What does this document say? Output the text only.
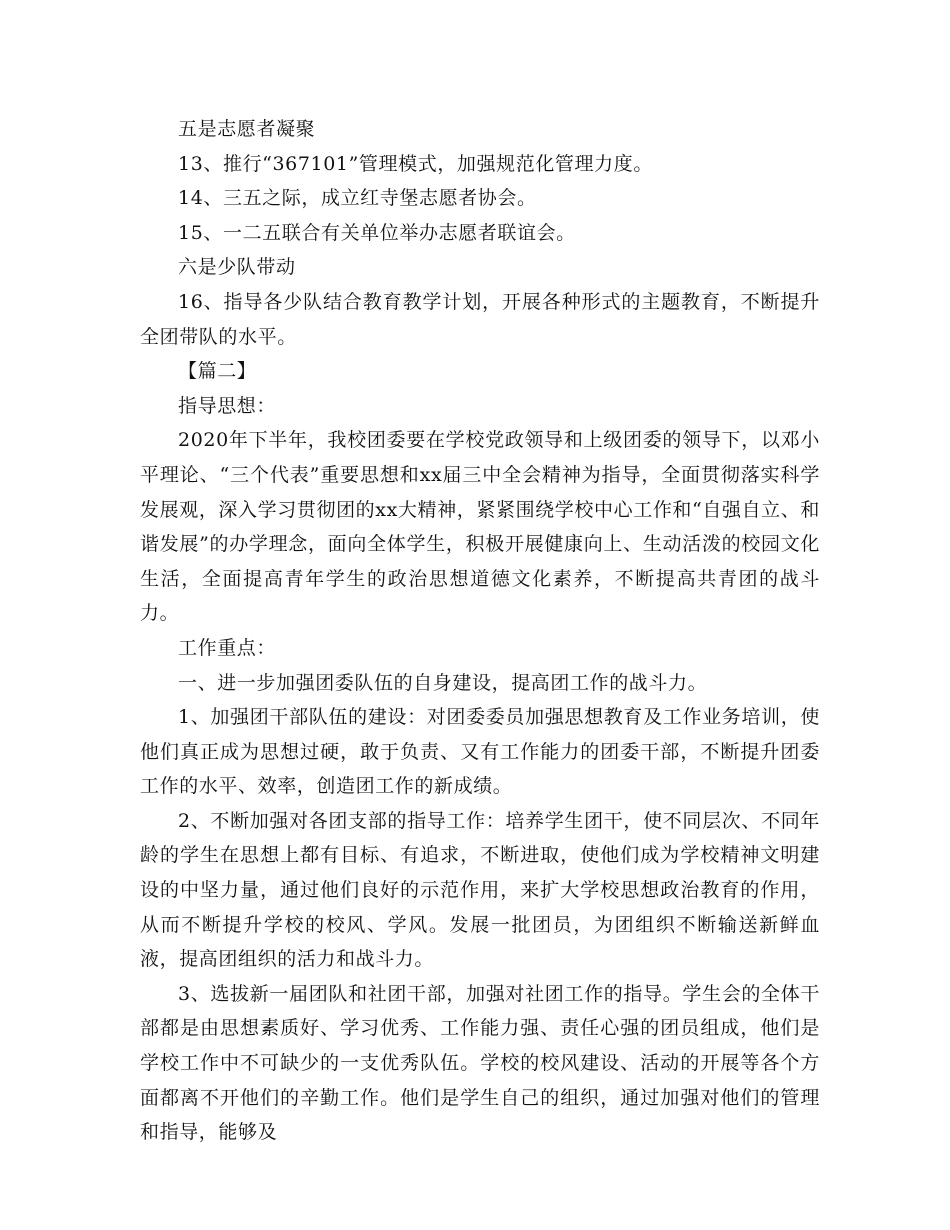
五是志愿者凝聚

13、推行“367101”管理模式，加强规范化管理力度。

14、三五之际，成立红寺堡志愿者协会。

15、一二五联合有关单位举办志愿者联谊会。

六是少队带动

16、指导各少队结合教育教学计划，开展各种形式的主题教育，不断提升全团带队的水平。

【篇二】

指导思想：

2020年下半年，我校团委要在学校党政领导和上级团委的领导下，以邓小平理论、“三个代表”重要思想和xx届三中全会精神为指导，全面贯彻落实科学发展观，深入学习贯彻团的xx大精神，紧紧围绕学校中心工作和“自强自立、和谐发展”的办学理念，面向全体学生，积极开展健康向上、生动活泼的校园文化生活，全面提高青年学生的政治思想道德文化素养，不断提高共青团的战斗力。

工作重点：

一、进一步加强团委队伍的自身建设，提高团工作的战斗力。

1、加强团干部队伍的建设：对团委委员加强思想教育及工作业务培训，使他们真正成为思想过硬，敢于负责、又有工作能力的团委干部，不断提升团委工作的水平、效率，创造团工作的新成绩。

2、不断加强对各团支部的指导工作：培养学生团干，使不同层次、不同年龄的学生在思想上都有目标、有追求，不断进取，使他们成为学校精神文明建设的中坚力量，通过他们良好的示范作用，来扩大学校思想政治教育的作用，从而不断提升学校的校风、学风。发展一批团员，为团组织不断输送新鲜血液，提高团组织的活力和战斗力。

3、选拔新一届团队和社团干部，加强对社团工作的指导。学生会的全体干部都是由思想素质好、学习优秀、工作能力强、责任心强的团员组成，他们是学校工作中不可缺少的一支优秀队伍。学校的校风建设、活动的开展等各个方面都离不开他们的辛勤工作。他们是学生自己的组织，通过加强对他们的管理和指导，能够及
